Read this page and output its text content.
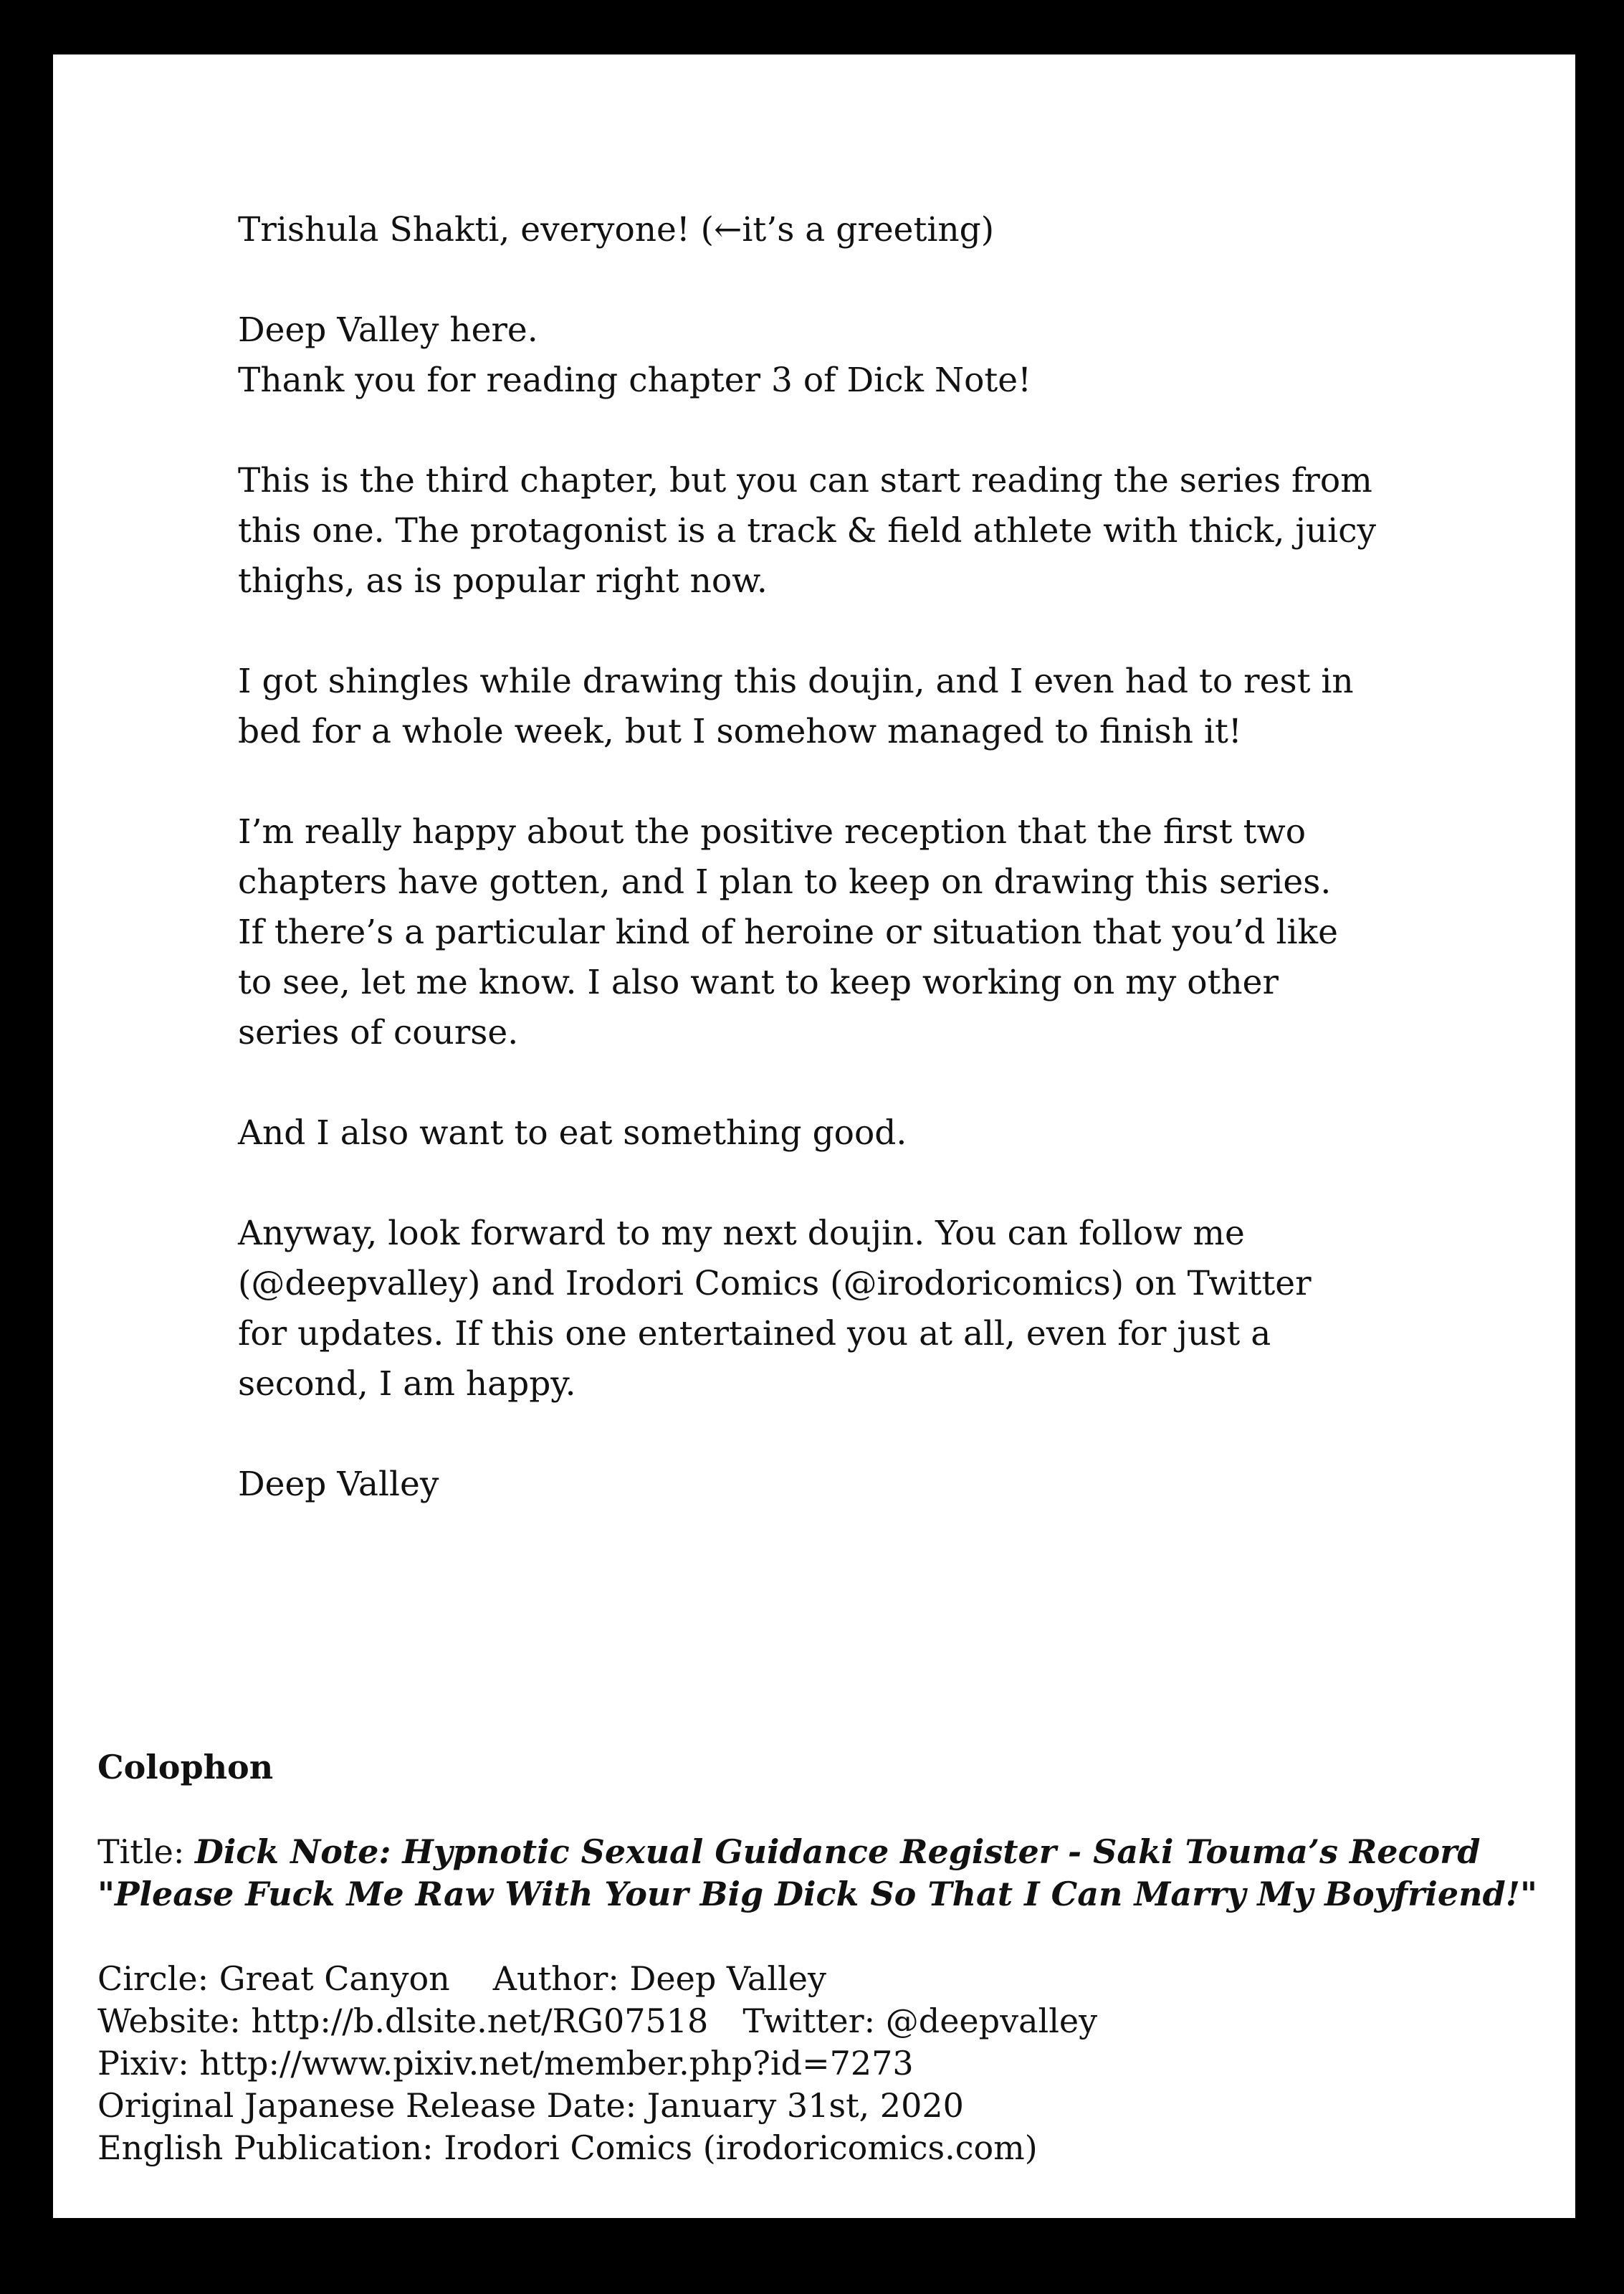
Trishula Shakti, everyone! (←it’s a greeting)

Deep Valley here.
Thank you for reading chapter 3 of Dick Note!

This is the third chapter, but you can start reading the series from
this one. The protagonist is a track & field athlete with thick, juicy
thighs, as is popular right now.

I got shingles while drawing this doujin, and I even had to rest in
bed for a whole week, but I somehow managed to finish it!

I’m really happy about the positive reception that the first two
chapters have gotten, and I plan to keep on drawing this series.
If there’s a particular kind of heroine or situation that you’d like
to see, let me know. I also want to keep working on my other
series of course.

And I also want to eat something good.

Anyway, look forward to my next doujin. You can follow me
(@deepvalley) and Irodori Comics (@irodoricomics) on Twitter
for updates. If this one entertained you at all, even for just a
second, I am happy.

Deep Valley

Colophon
Title: Dick Note: Hypnotic Sexual Guidance Register - Saki Touma’s Record
"Please Fuck Me Raw With Your Big Dick So That I Can Marry My Boyfriend!"
Circle: Great Canyon Author: Deep Valley
Website: http://b.dlsite.net/RG07518 Twitter: @deepvalley
Pixiv: http://www.pixiv.net/member.php?id=7273
Original Japanese Release Date: January 31st, 2020
English Publication: Irodori Comics (irodoricomics.com)
